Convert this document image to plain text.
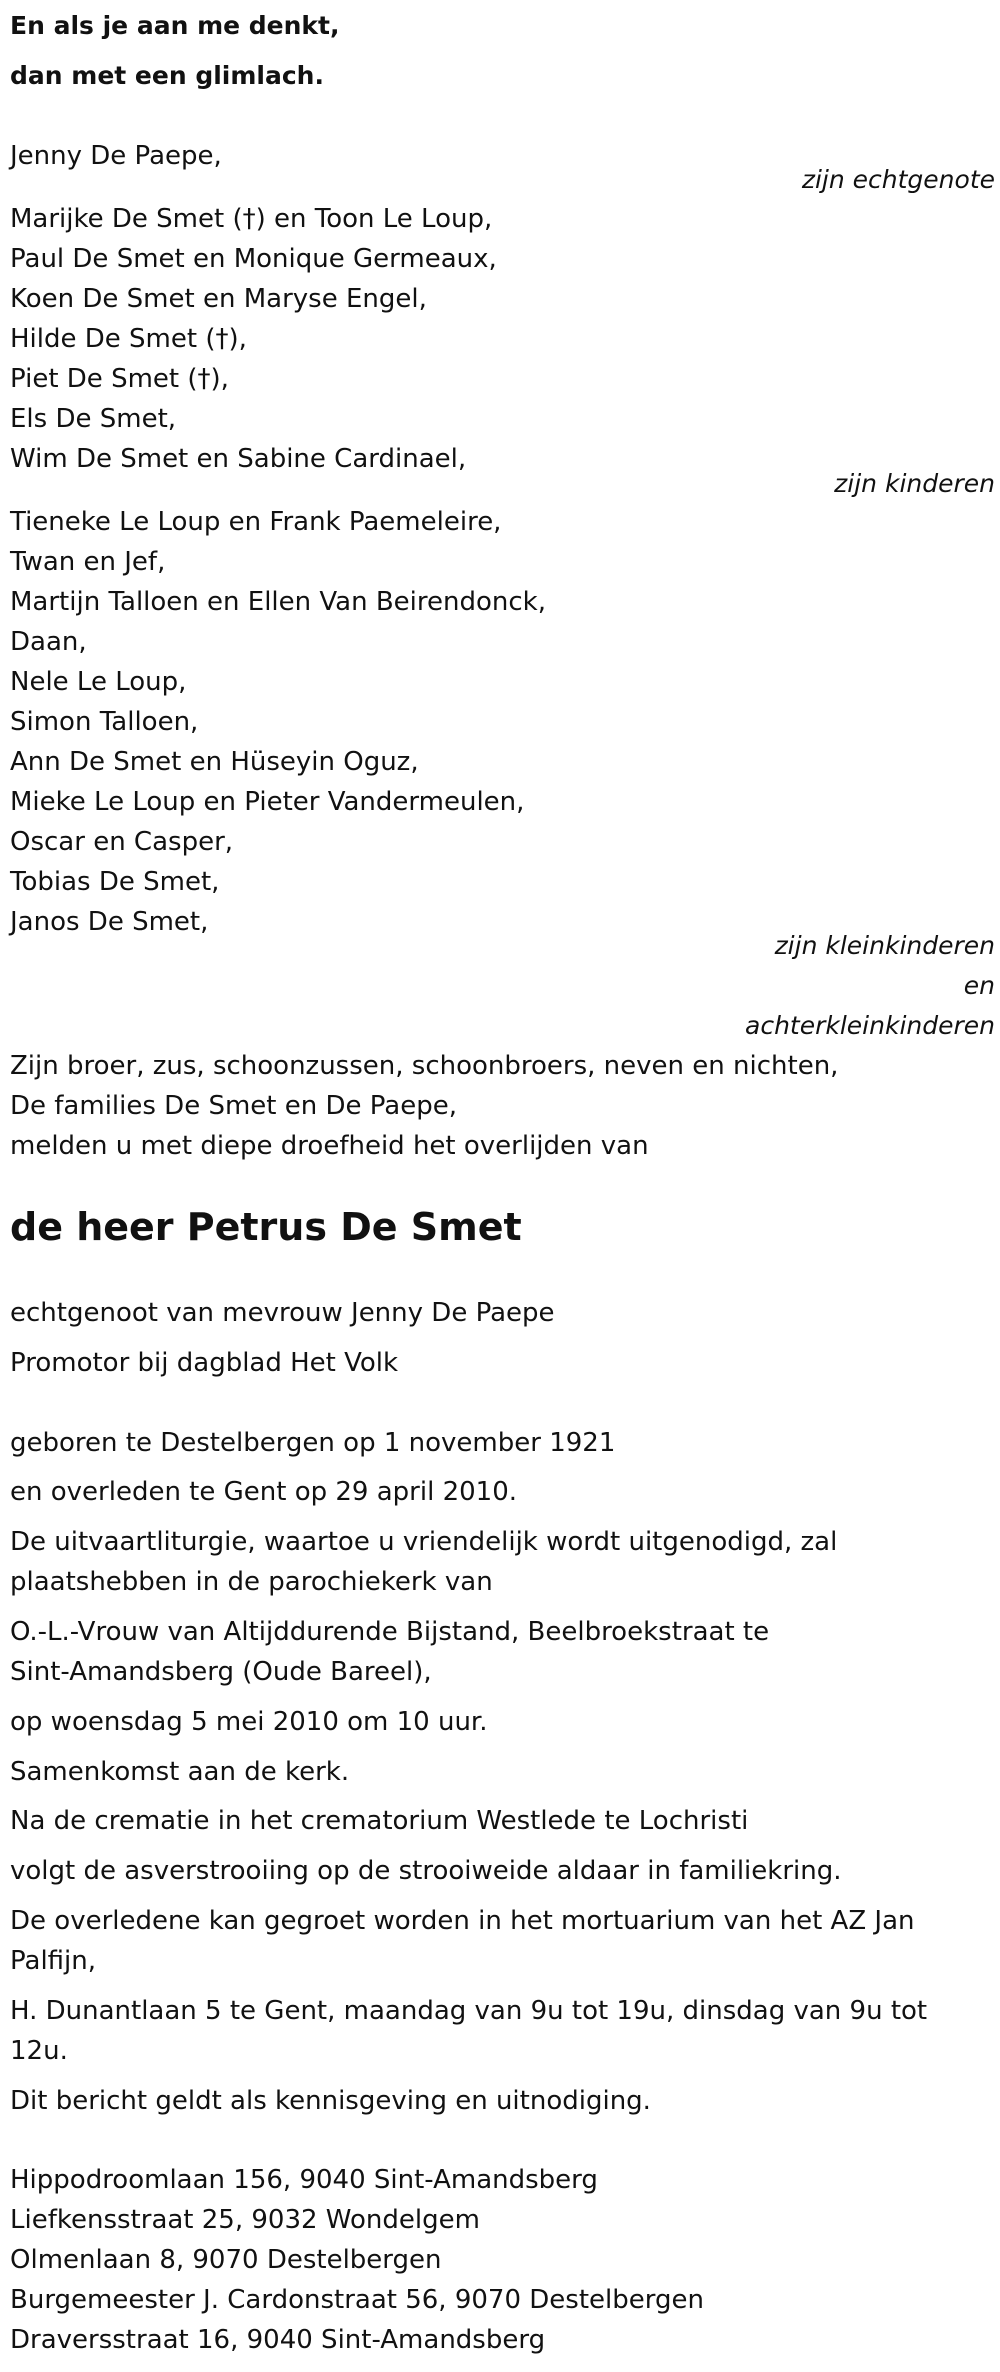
En als je aan me denkt,
dan met een glimlach.
Jenny De Paepe,
zijn echtgenote
Marijke De Smet (†) en Toon Le Loup,
Paul De Smet en Monique Germeaux,
Koen De Smet en Maryse Engel,
Hilde De Smet (†),
Piet De Smet (†),
Els De Smet,
Wim De Smet en Sabine Cardinael,
zijn kinderen
Tieneke Le Loup en Frank Paemeleire,
Twan en Jef,
Martijn Talloen en Ellen Van Beirendonck,
Daan,
Nele Le Loup,
Simon Talloen,
Ann De Smet en Hüseyin Oguz,
Mieke Le Loup en Pieter Vandermeulen,
Oscar en Casper,
Tobias De Smet,
Janos De Smet,
zijn kleinkinderen
en
achterkleinkinderen
Zijn broer, zus, schoonzussen, schoonbroers, neven en nichten,
De families De Smet en De Paepe,
melden u met diepe droefheid het overlijden van
de heer Petrus De Smet
echtgenoot van mevrouw Jenny De Paepe
Promotor bij dagblad Het Volk
geboren te Destelbergen op 1 november 1921
en overleden te Gent op 29 april 2010.
De uitvaartliturgie, waartoe u vriendelijk wordt uitgenodigd, zal
plaatshebben in de parochiekerk van
O.-L.-Vrouw van Altijddurende Bijstand, Beelbroekstraat te
Sint-Amandsberg (Oude Bareel),
op woensdag 5 mei 2010 om 10 uur.
Samenkomst aan de kerk.
Na de crematie in het crematorium Westlede te Lochristi
volgt de asverstrooiing op de strooiweide aldaar in familiekring.
De overledene kan gegroet worden in het mortuarium van het AZ Jan
Palfijn,
H. Dunantlaan 5 te Gent, maandag van 9u tot 19u, dinsdag van 9u tot
12u.
Dit bericht geldt als kennisgeving en uitnodiging.
Hippodroomlaan 156, 9040 Sint-Amandsberg
Liefkensstraat 25, 9032 Wondelgem
Olmenlaan 8, 9070 Destelbergen
Burgemeester J. Cardonstraat 56, 9070 Destelbergen
Draversstraat 16, 9040 Sint-Amandsberg
